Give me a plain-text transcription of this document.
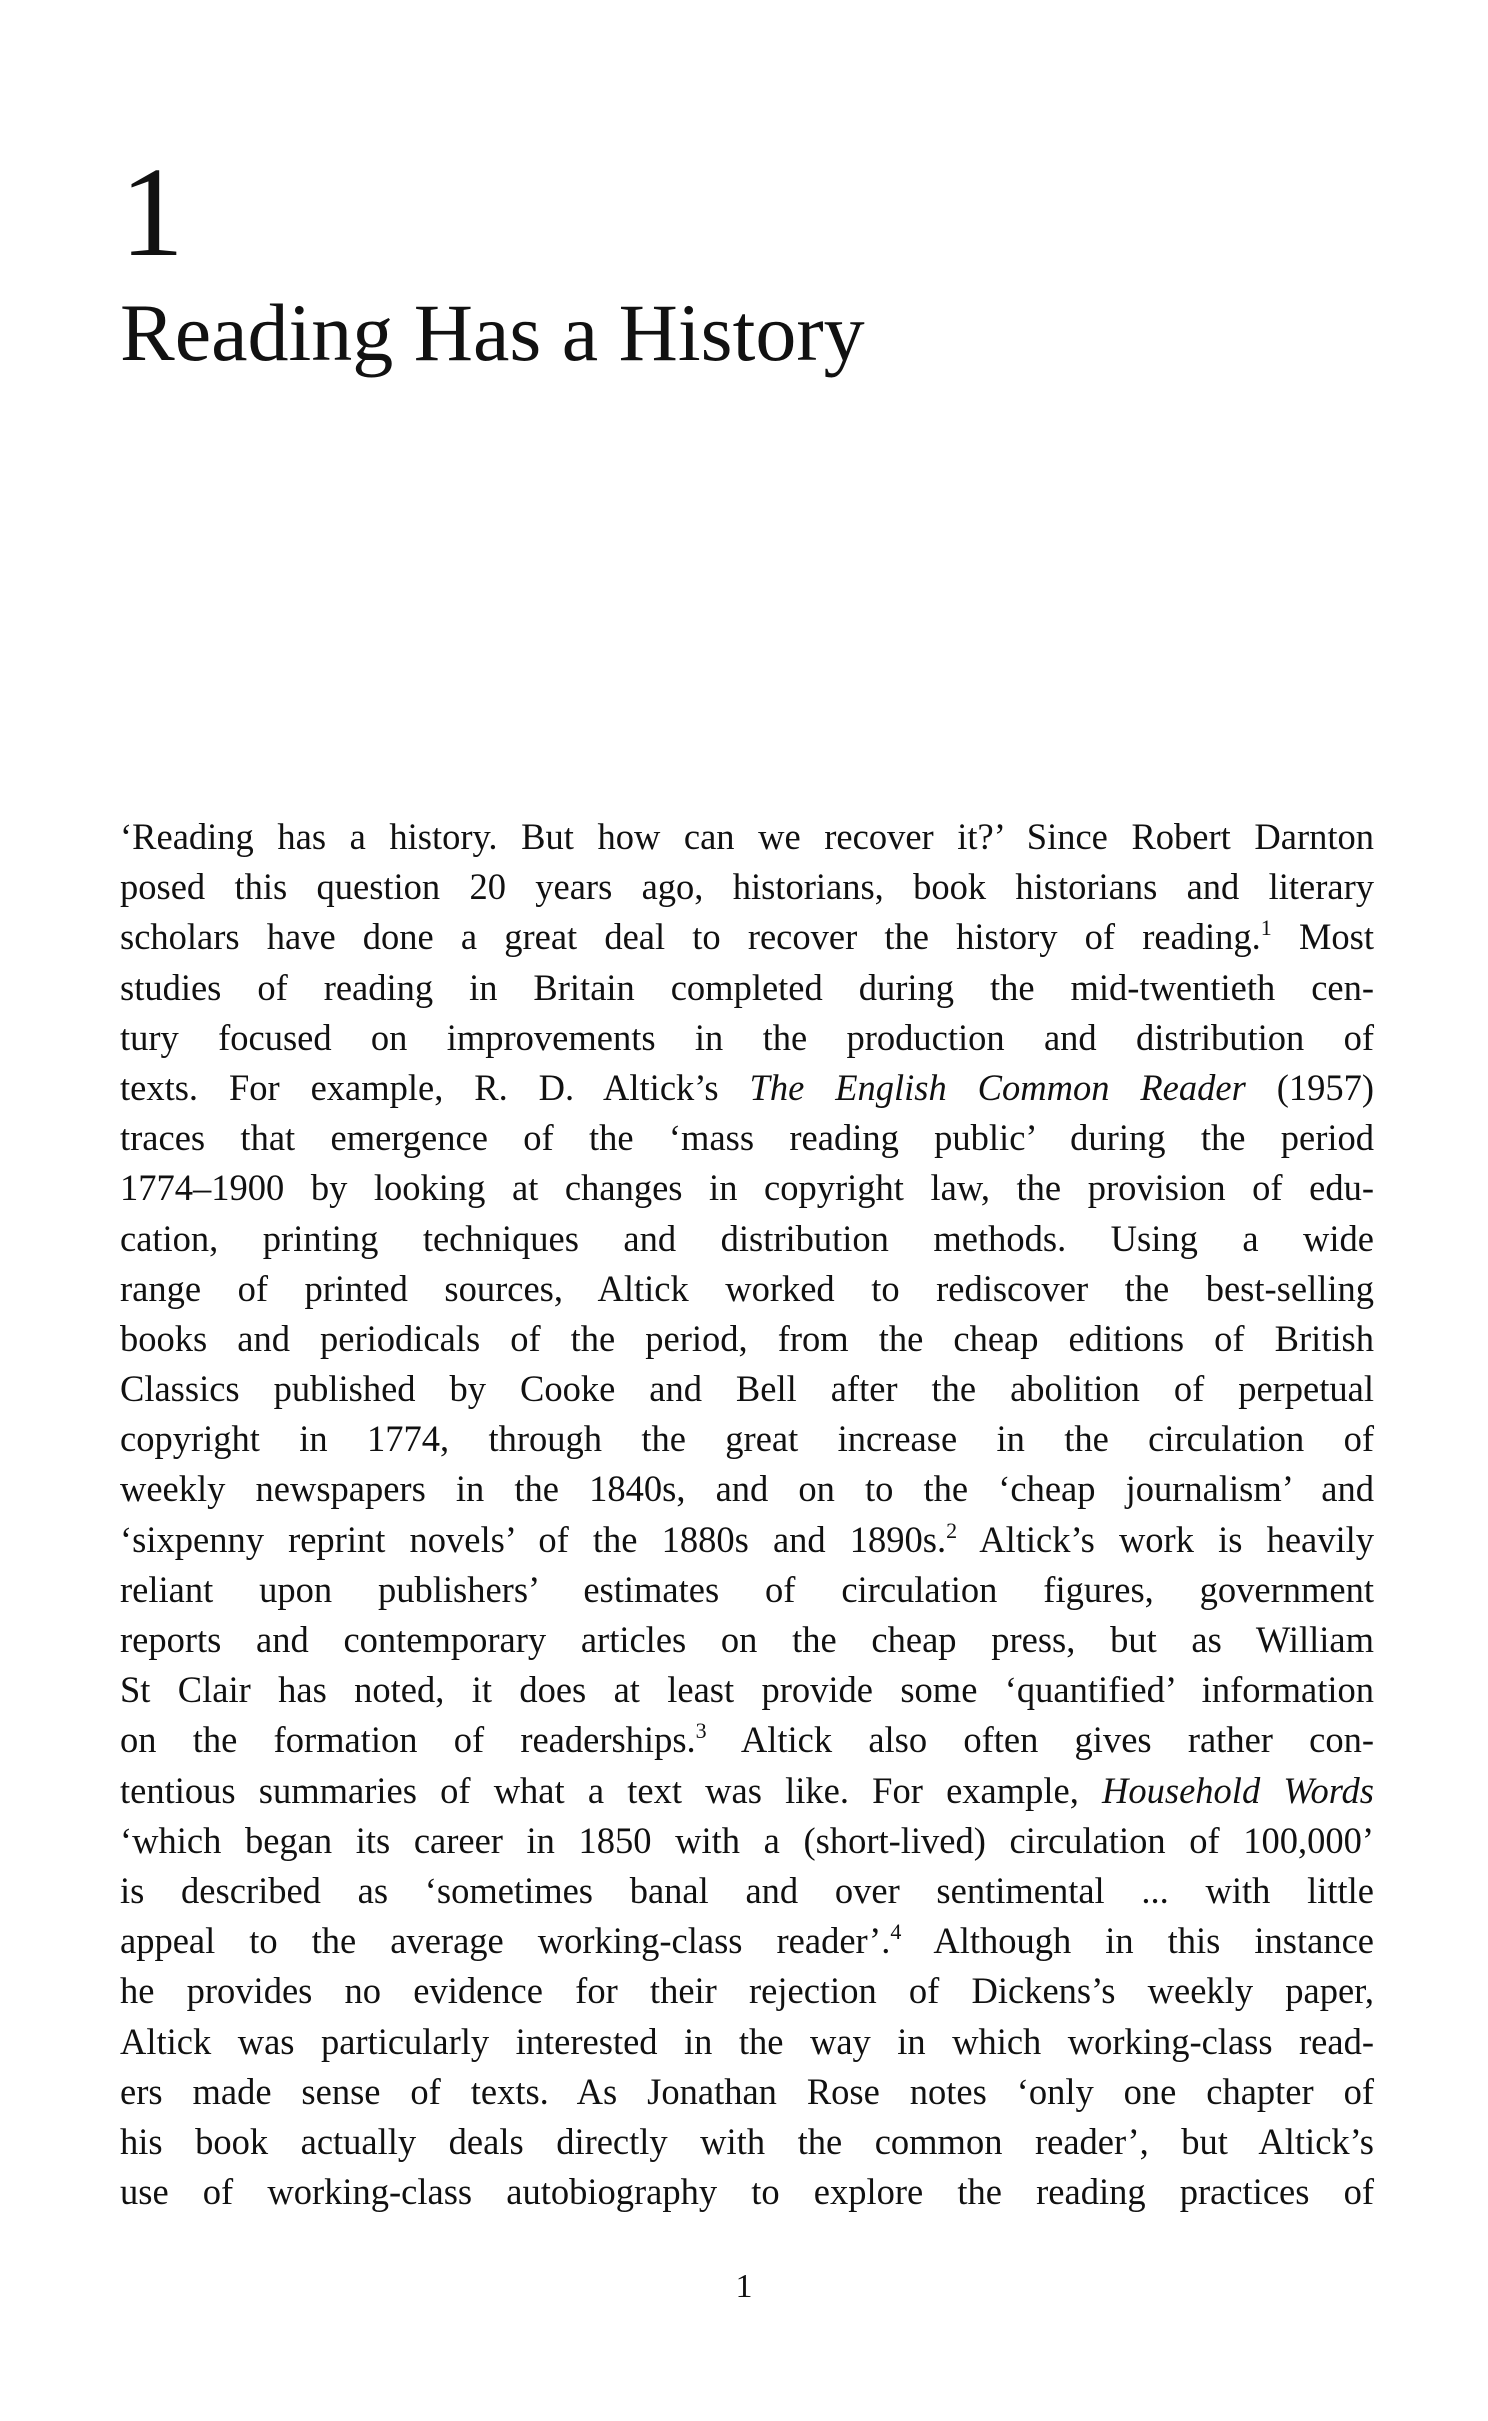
1
Reading Has a History
‘Reading has a history. But how can we recover it?’ Since Robert Darnton
posed this question 20 years ago, historians, book historians and literary
scholars have done a great deal to recover the history of reading.$^1$ Most
studies of reading in Britain completed during the mid-twentieth cen-
tury focused on improvements in the production and distribution of
texts. For example, R. D. Altick’s The English Common Reader (1957)
traces that emergence of the ‘mass reading public’ during the period
1774–1900 by looking at changes in copyright law, the provision of edu-
cation, printing techniques and distribution methods. Using a wide
range of printed sources, Altick worked to rediscover the best-selling
books and periodicals of the period, from the cheap editions of British
Classics published by Cooke and Bell after the abolition of perpetual
copyright in 1774, through the great increase in the circulation of
weekly newspapers in the 1840s, and on to the ‘cheap journalism’ and
‘sixpenny reprint novels’ of the 1880s and 1890s.$^2$ Altick’s work is heavily
reliant upon publishers’ estimates of circulation figures, government
reports and contemporary articles on the cheap press, but as William
St Clair has noted, it does at least provide some ‘quantified’ information
on the formation of readerships.$^3$ Altick also often gives rather con-
tentious summaries of what a text was like. For example, Household Words
‘which began its career in 1850 with a (short-lived) circulation of 100,000’
is described as ‘sometimes banal and over sentimental ... with little
appeal to the average working-class reader’.$^4$ Although in this instance
he provides no evidence for their rejection of Dickens’s weekly paper,
Altick was particularly interested in the way in which working-class read-
ers made sense of texts. As Jonathan Rose notes ‘only one chapter of
his book actually deals directly with the common reader’, but Altick’s
use of working-class autobiography to explore the reading practices of
1
